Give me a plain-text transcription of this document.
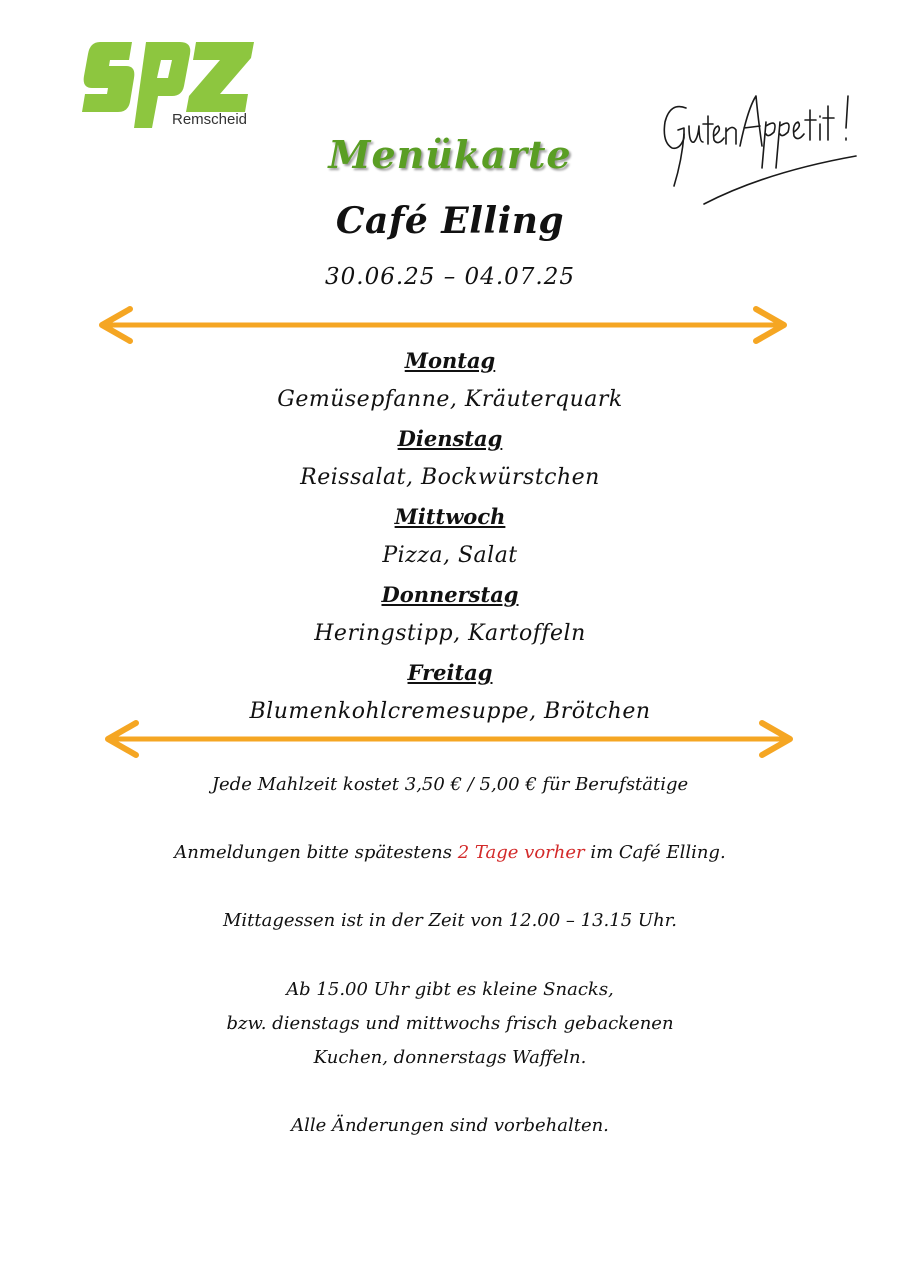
Remscheid
Menükarte
Café Elling
30.06.25 – 04.07.25
Montag
Gemüsepfanne, Kräuterquark
Dienstag
Reissalat, Bockwürstchen
Mittwoch
Pizza, Salat
Donnerstag
Heringstipp, Kartoffeln
Freitag
Blumenkohlcremesuppe, Brötchen
Jede Mahlzeit kostet 3,50 € / 5,00 € für Berufstätige
Anmeldungen bitte spätestens 2 Tage vorher im Café Elling.
Mittagessen ist in der Zeit von 12.00 – 13.15 Uhr.
Ab 15.00 Uhr gibt es kleine Snacks,
bzw. dienstags und mittwochs frisch gebackenen
Kuchen, donnerstags Waffeln.
Alle Änderungen sind vorbehalten.
